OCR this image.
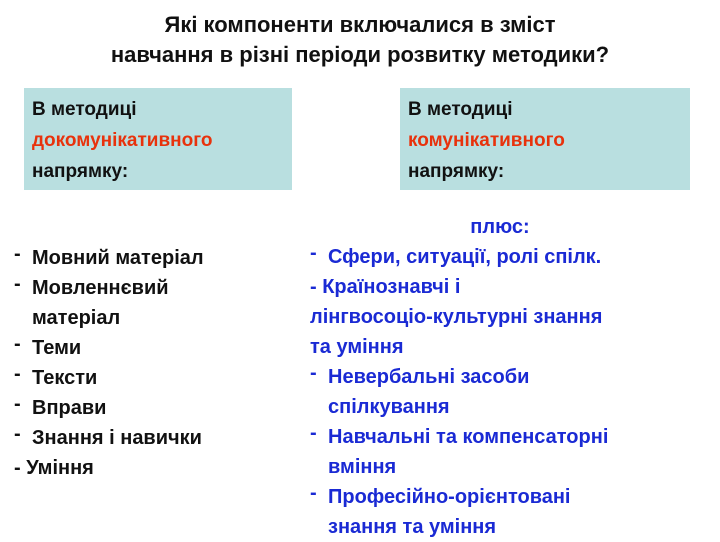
Які компоненти включалися в зміст
навчання в різні періоди розвитку методики?
В методиці
докомунікативного
напрямку:
В методиці
комунікативного
напрямку:
- Мовний матеріал
- Мовленнєвий
матеріал
- Теми
- Тексти
- Вправи
- Знання і навички
- Уміння
плюс:
- Сфери, ситуації, ролі спілк.
- Країнознавчі і
лінгвосоціо-культурні знання
та уміння
- Невербальні засоби
спілкування
- Навчальні та компенсаторні
вміння
- Професійно-орієнтовані
знання та уміння
